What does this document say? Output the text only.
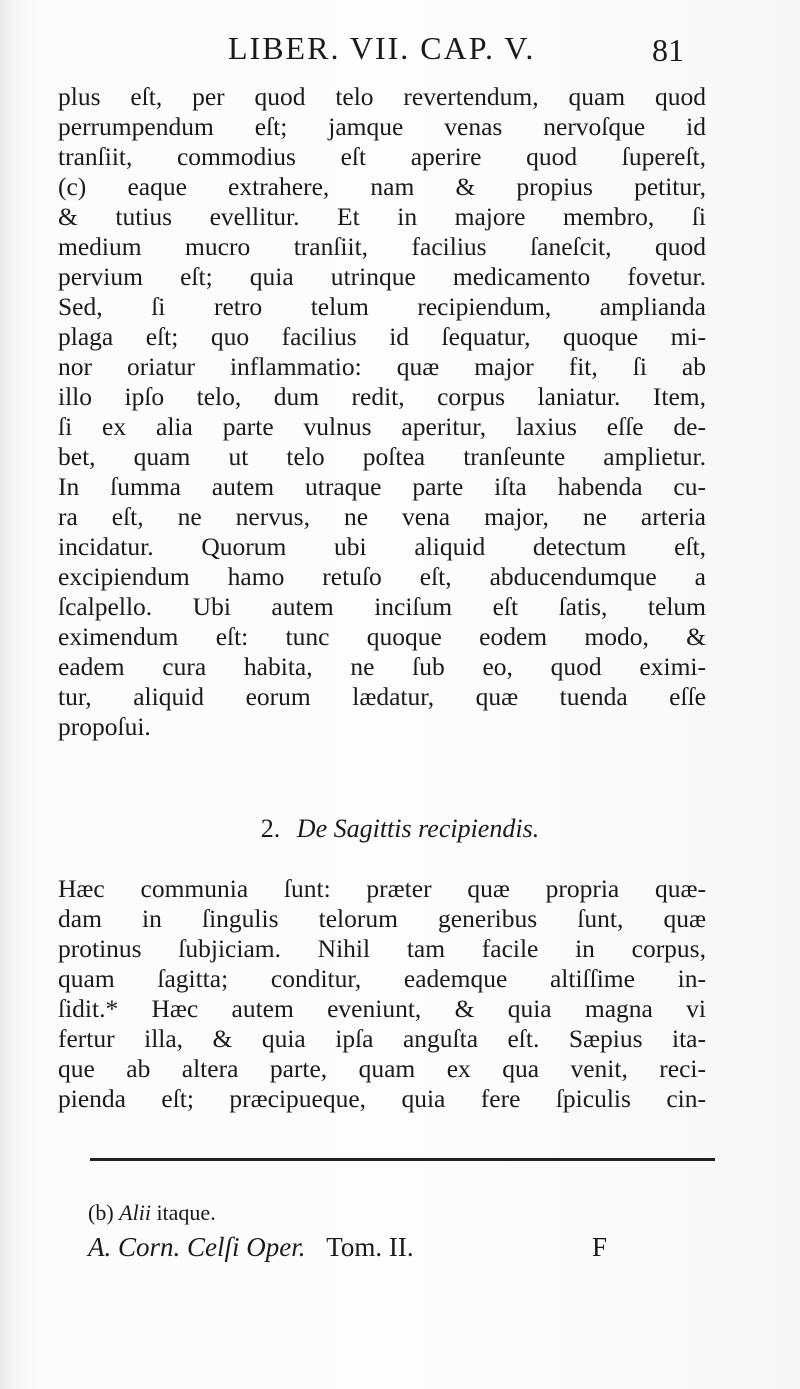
LIBER. VII. CAP. V.	81
plus eſt, per quod telo revertendum, quam quod
perrumpendum eſt; jamque venas nervoſque id
tranſiit, commodius eſt aperire quod ſupereſt,
(c) eaque extrahere, nam & propius petitur,
& tutius evellitur. Et in majore membro, ſi
medium mucro tranſiit, facilius ſaneſcit, quod
pervium eſt; quia utrinque medicamento fovetur.
Sed, ſi retro telum recipiendum, amplianda
plaga eſt; quo facilius id ſequatur, quoque mi-
nor oriatur inflammatio: quæ major fit, ſi ab
illo ipſo telo, dum redit, corpus laniatur. Item,
ſi ex alia parte vulnus aperitur, laxius eſſe de-
bet, quam ut telo poſtea tranſeunte amplietur.
In ſumma autem utraque parte iſta habenda cu-
ra eſt, ne nervus, ne vena major, ne arteria
incidatur. Quorum ubi aliquid detectum eſt,
excipiendum hamo retuſo eſt, abducendumque a
ſcalpello. Ubi autem inciſum eſt ſatis, telum
eximendum eſt: tunc quoque eodem modo, &
eadem cura habita, ne ſub eo, quod eximi-
tur, aliquid eorum lædatur, quæ tuenda eſſe
propoſui.
2. De Sagittis recipiendis.
Hæc communia ſunt: præter quæ propria quæ-
dam in ſingulis telorum generibus ſunt, quæ
protinus ſubjiciam. Nihil tam facile in corpus,
quam ſagitta; conditur, eademque altiſſime in-
ſidit.* Hæc autem eveniunt, & quia magna vi
fertur illa, & quia ipſa anguſta eſt. Sæpius ita-
que ab altera parte, quam ex qua venit, reci-
pienda eſt; præcipueque, quia fere ſpiculis cin-
(b) Alii itaque.
A. Corn. Celſi Oper. Tom. II.	F
